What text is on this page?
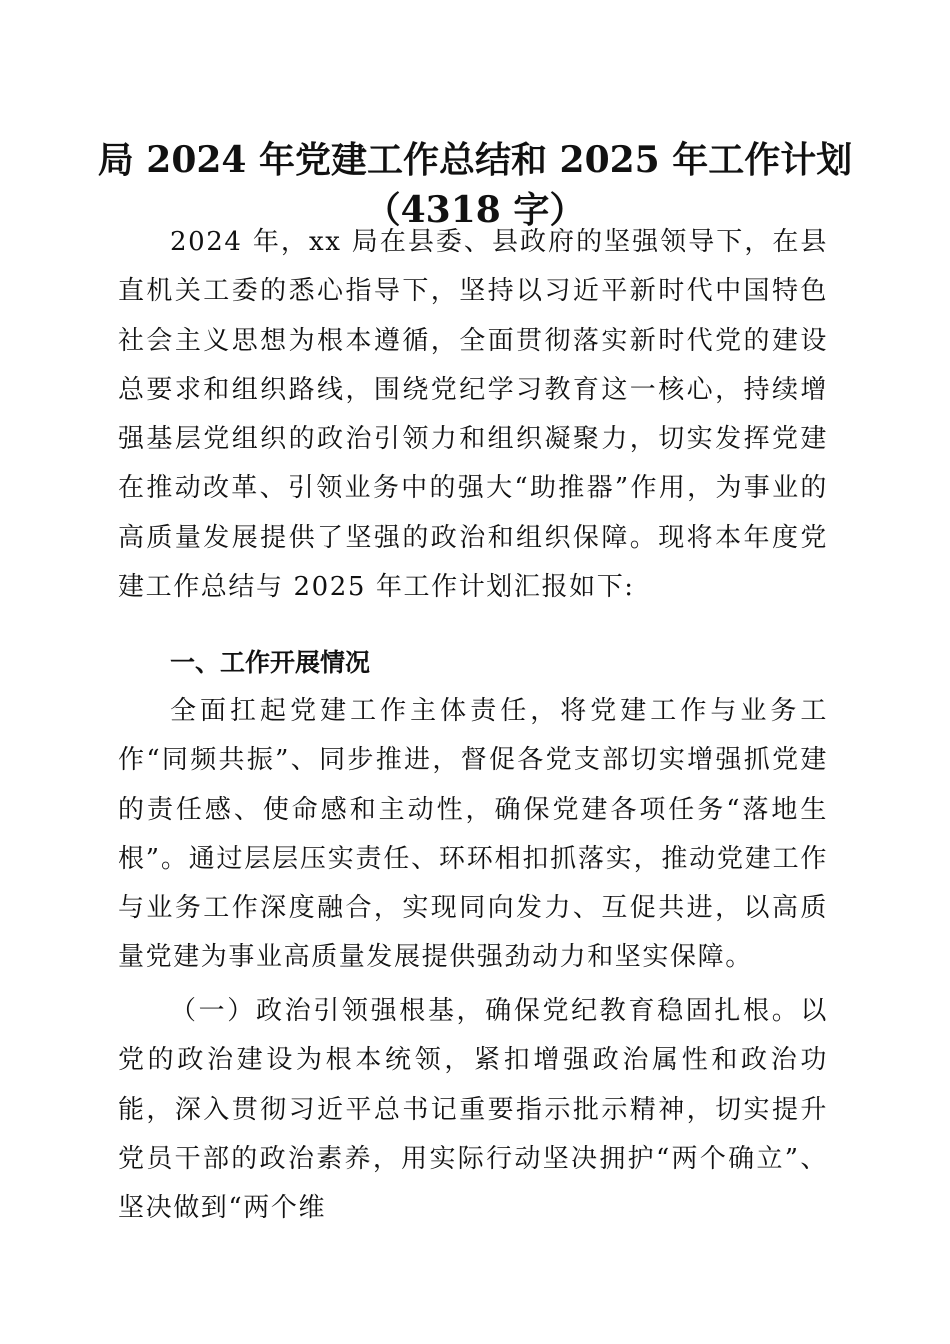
局 2024 年党建工作总结和 2025 年工作计划
（4318 字）

2024 年，xx 局在县委、县政府的坚强领导下，在县直机关工委的悉心指导下，坚持以习近平新时代中国特色社会主义思想为根本遵循，全面贯彻落实新时代党的建设总要求和组织路线，围绕党纪学习教育这一核心，持续增强基层党组织的政治引领力和组织凝聚力，切实发挥党建在推动改革、引领业务中的强大“助推器”作用，为事业的高质量发展提供了坚强的政治和组织保障。现将本年度党建工作总结与 2025 年工作计划汇报如下:

一、工作开展情况

全面扛起党建工作主体责任，将党建工作与业务工作“同频共振”、同步推进，督促各党支部切实增强抓党建的责任感、使命感和主动性，确保党建各项任务“落地生根”。通过层层压实责任、环环相扣抓落实，推动党建工作与业务工作深度融合，实现同向发力、互促共进，以高质量党建为事业高质量发展提供强劲动力和坚实保障。

（一）政治引领强根基，确保党纪教育稳固扎根。以党的政治建设为根本统领，紧扣增强政治属性和政治功能，深入贯彻习近平总书记重要指示批示精神，切实提升党员干部的政治素养，用实际行动坚决拥护“两个确立”、坚决做到“两个维
